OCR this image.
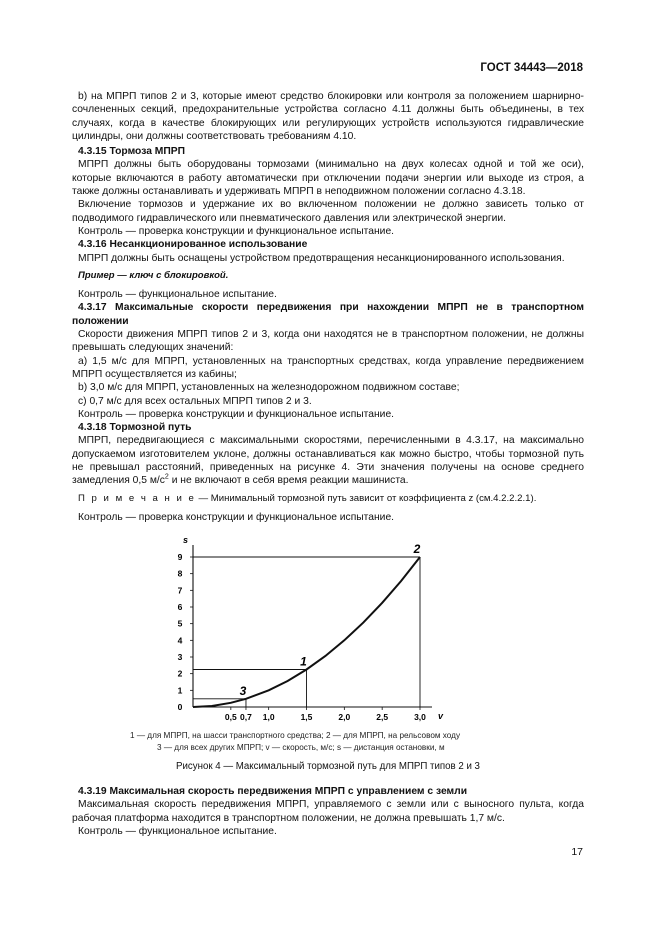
ГОСТ 34443—2018

b) на МПРП типов 2 и 3, которые имеют средство блокировки или контроля за положением шарнирно-сочлененных секций, предохранительные устройства согласно 4.11 должны быть объединены, в тех случаях, когда в качестве блокирующих или регулирующих устройств используются гидравлические цилиндры, они должны соответствовать требованиям 4.10.

4.3.15 Тормоза МПРП

МПРП должны быть оборудованы тормозами (минимально на двух колесах одной и той же оси), которые включаются в работу автоматически при отключении подачи энергии или выходе из строя, а также должны останавливать и удерживать МПРП в неподвижном положении согласно 4.3.18.

Включение тормозов и удержание их во включенном положении не должно зависеть только от подводимого гидравлического или пневматического давления или электрической энергии.

Контроль — проверка конструкции и функциональное испытание.

4.3.16 Несанкционированное использование

МПРП должны быть оснащены устройством предотвращения несанкционированного использования.

Пример — ключ с блокировкой.

Контроль — функциональное испытание.

4.3.17 Максимальные скорости передвижения при нахождении МПРП не в транспортном положении

Скорости движения МПРП типов 2 и 3, когда они находятся не в транспортном положении, не должны превышать следующих значений:

a) 1,5 м/с для МПРП, установленных на транспортных средствах, когда управление передвижением МПРП осуществляется из кабины;

b) 3,0 м/с для МПРП, установленных на железнодорожном подвижном составе;

c) 0,7 м/с для всех остальных МПРП типов 2 и 3.

Контроль — проверка конструкции и функциональное испытание.

4.3.18 Тормозной путь

МПРП, передвигающиеся с максимальными скоростями, перечисленными в 4.3.17, на максимально допускаемом изготовителем уклоне, должны останавливаться как можно быстро, чтобы тормозной путь не превышал расстояний, приведенных на рисунке 4. Эти значения получены на основе среднего замедления 0,5 $м/с^2$ и не включают в себя время реакции машиниста.

П р и м е ч а н и е — Минимальный тормозной путь зависит от коэффициента z (см.4.2.2.2.1).

Контроль — проверка конструкции и функциональное испытание.

s
v
0
1
2
3
4
5
6
7
8
9
0,5 0,7 1,0	1,5	2,0	2,5	3,0
1
2
3
1 — для МПРП, на шасси транспортного средства; 2 — для МПРП, на рельсовом ходу
3 — для всех других МПРП; v — скорость, м/с; s — дистанция остановки, м
Рисунок 4 — Максимальный тормозной путь для МПРП типов 2 и 3

4.3.19 Максимальная скорость передвижения МПРП с управлением с земли

Максимальная скорость передвижения МПРП, управляемого с земли или с выносного пульта, когда рабочая платформа находится в транспортном положении, не должна превышать 1,7 м/с.

Контроль — функциональное испытание.

17
